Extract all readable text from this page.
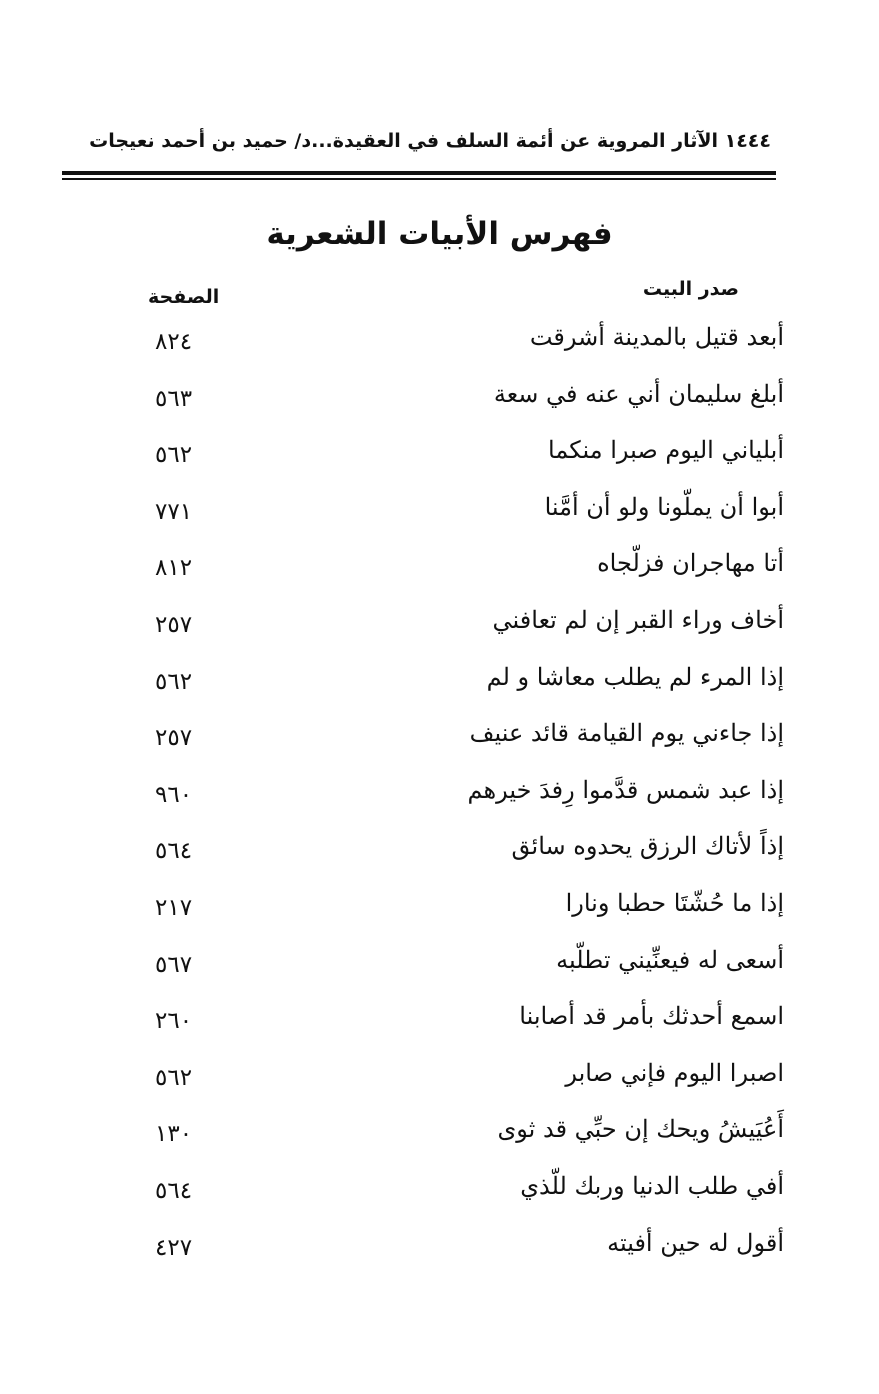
١٤٤٤ الآثار المروية عن أئمة السلف في العقيدة...د/ حميد بن أحمد نعيجات
فهرس الأبيات الشعرية
صدر البيت
الصفحة
أبعد قتيل بالمدينة أشرقت
٨٢٤
أبلغ سليمان أني عنه في سعة
٥٦٣
أبلياني اليوم صبرا منكما
٥٦٢
أبوا أن يملّونا ولو أن أمَّنا
٧٧١
أتا مهاجران فزلّجاه
٨١٢
أخاف وراء القبر إن لم تعافني
٢٥٧
إذا المرء لم يطلب معاشا و لم
٥٦٢
إذا جاءني يوم القيامة قائد عنيف
٢٥٧
إذا عبد شمس قدَّموا رِفدَ خيرهم
٩٦٠
إذاً لأتاك الرزق يحدوه سائق
٥٦٤
إذا ما حُشّتَا حطبا ونارا
٢١٧
أسعى له فيعنِّيني تطلّبه
٥٦٧
اسمع أحدثك بأمر قد أصابنا
٢٦٠
اصبرا اليوم فإني صابر
٥٦٢
أَعُيَيشُ ويحك إن حبِّي قد ثوى
١٣٠
أفي طلب الدنيا وربك للّذي
٥٦٤
أقول له حين أفيته
٤٢٧
